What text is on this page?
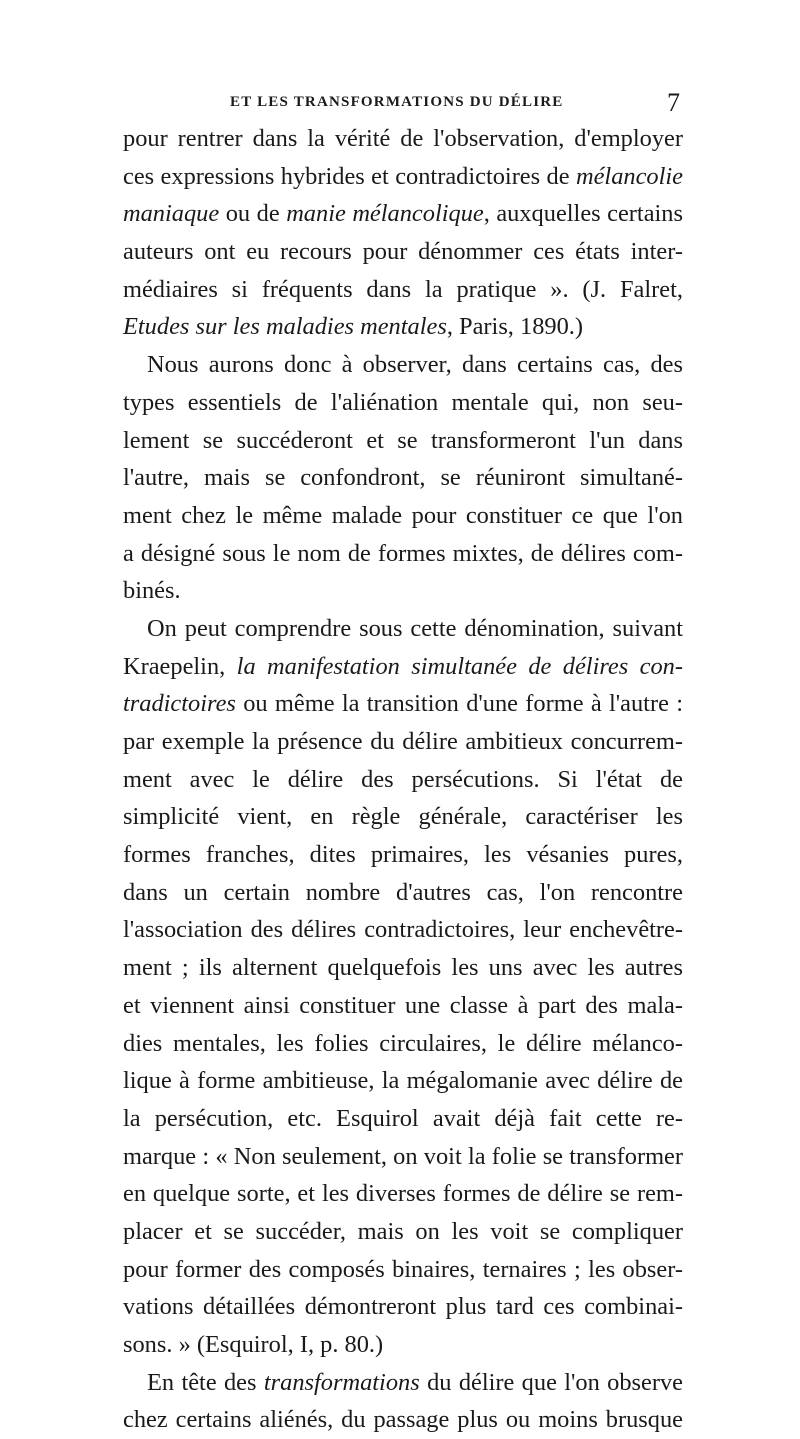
ET LES TRANSFORMATIONS DU DÉLIRE	7
pour rentrer dans la vérité de l'observation, d'employer
ces expressions hybrides et contradictoires de mélancolie
maniaque ou de manie mélancolique, auxquelles certains
auteurs ont eu recours pour dénommer ces états inter-
médiaires si fréquents dans la pratique ». (J. Falret,
Etudes sur les maladies mentales, Paris, 1890.)
Nous aurons donc à observer, dans certains cas, des
types essentiels de l'aliénation mentale qui, non seu-
lement se succéderont et se transformeront l'un dans
l'autre, mais se confondront, se réuniront simultané-
ment chez le même malade pour constituer ce que l'on
a désigné sous le nom de formes mixtes, de délires com-
binés.
On peut comprendre sous cette dénomination, suivant
Kraepelin, la manifestation simultanée de délires con-
tradictoires ou même la transition d'une forme à l'autre :
par exemple la présence du délire ambitieux concurrem-
ment avec le délire des persécutions. Si l'état de
simplicité vient, en règle générale, caractériser les
formes franches, dites primaires, les vésanies pures,
dans un certain nombre d'autres cas, l'on rencontre
l'association des délires contradictoires, leur enchevêtre-
ment ; ils alternent quelquefois les uns avec les autres
et viennent ainsi constituer une classe à part des mala-
dies mentales, les folies circulaires, le délire mélanco-
lique à forme ambitieuse, la mégalomanie avec délire de
la persécution, etc. Esquirol avait déjà fait cette re-
marque : « Non seulement, on voit la folie se transformer
en quelque sorte, et les diverses formes de délire se rem-
placer et se succéder, mais on les voit se compliquer
pour former des composés binaires, ternaires ; les obser-
vations détaillées démontreront plus tard ces combinai-
sons. » (Esquirol, I, p. 80.)
En tête des transformations du délire que l'on observe
chez certains aliénés, du passage plus ou moins brusque
